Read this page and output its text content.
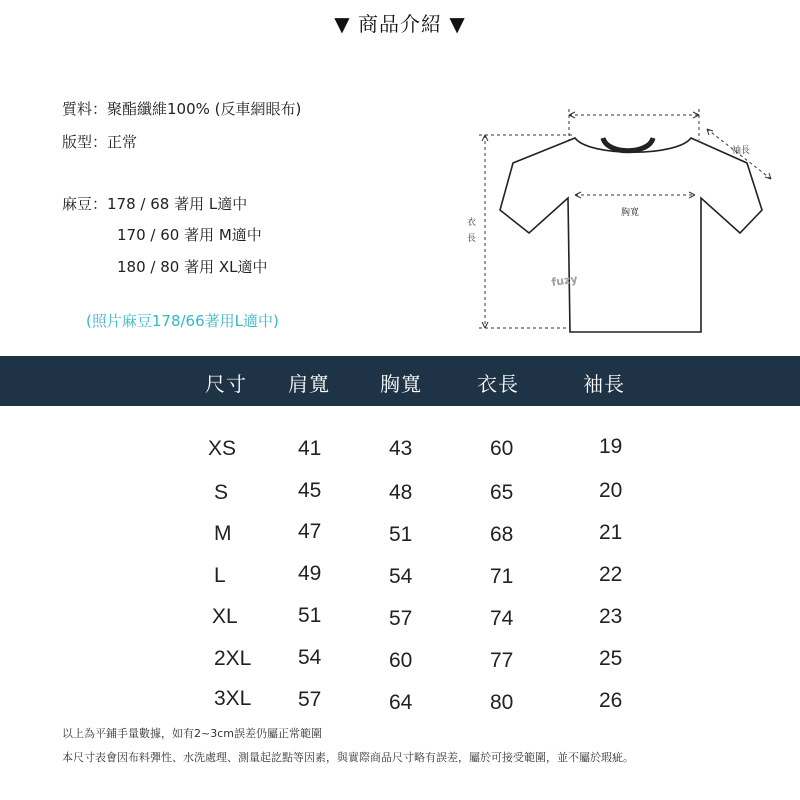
▼ 商品介紹 ▼
質料：聚酯纖維100% (反車網眼布)
版型：正常
麻豆：178 / 68 著用 L適中
170 / 60 著用 M適中
180 / 80 著用 XL適中
(照片麻豆178/66著用L適中)
袖長
胸寬
衣
長
fuzy
尺寸 肩寬	胸寬	衣長	袖長
XS	41	43	60	19
S	45	48	65	20
M	47	51	68	21
L	49	54	71	22
XL	51	57	74	23
2XL 54	60	77	25
3XL 57	64	80	26
以上為平鋪手量數據，如有2~3cm誤差仍屬正常範圍
本尺寸表會因布料彈性、水洗處理、測量起訖點等因素，與實際商品尺寸略有誤差，屬於可接受範圍，並不屬於瑕疵。
